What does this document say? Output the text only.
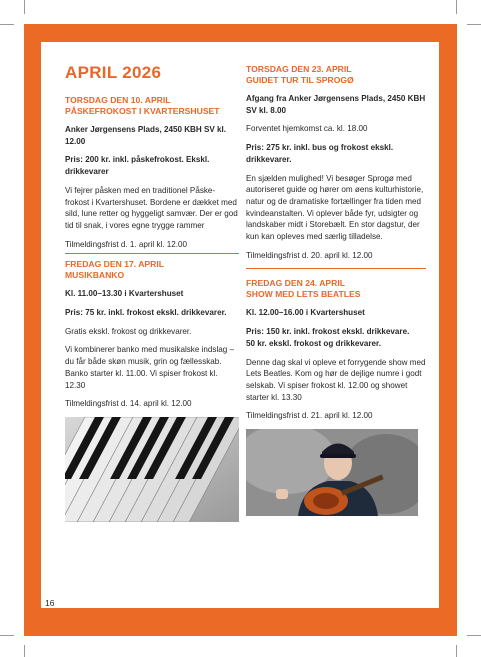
APRIL 2026
TORSDAG DEN 10. APRIL
PÅSKEFROKOST I KVARTERSHUSET

Anker Jørgensens Plads, 2450 KBH SV kl. 12.00

Pris: 200 kr. inkl. påskefrokost. Ekskl. drikkevarer

Vi fejrer påsken med en traditionel Påske-frokost i Kvartershuset. Bordene er dækket med sild, lune retter og hyggeligt samvær. Der er god tid til snak, i vores egne trygge rammer

Tilmeldingsfrist d. 1. april kl. 12.00

FREDAG DEN 17. APRIL
MUSIKBANKO

Kl. 11.00–13.30 i Kvartershuset

Pris: 75 kr. inkl. frokost ekskl. drikkevarer.

Gratis ekskl. frokost og drikkevarer.

Vi kombinerer banko med musikalske indslag – du får både skøn musik, grin og fællesskab. Banko starter kl. 11.00. Vi spiser frokost kl. 12.30

Tilmeldingsfrist d. 14. april kl. 12.00

TORSDAG DEN 23. APRIL
GUIDET TUR TIL SPROGØ

Afgang fra Anker Jørgensens Plads, 2450 KBH SV kl. 8.00

Forventet hjemkomst ca. kl. 18.00

Pris: 275 kr. inkl. bus og frokost ekskl. drikkevarer.

En sjælden mulighed! Vi besøger Sprogø med autoriseret guide og hører om øens kulturhistorie, natur og de dramatiske fortællinger fra tiden med kvindeanstalten. Vi oplever både fyr, udsigter og landskaber midt i Storebælt. En stor dagstur, der kun kan opleves med særlig tilladelse.

Tilmeldingsfrist d. 20. april kl. 12.00

FREDAG DEN 24. APRIL
SHOW MED LETS BEATLES

Kl. 12.00–16.00 i Kvartershuset

Pris: 150 kr. inkl. frokost ekskl. drikkevare.

50 kr. ekskl. frokost og drikkevarer.

Denne dag skal vi opleve et forrygende show med Lets Beatles. Kom og hør de dejlige numre i godt selskab. Vi spiser frokost kl. 12.00 og showet starter kl. 13.30

Tilmeldingsfrist d. 21. april kl. 12.00

16
